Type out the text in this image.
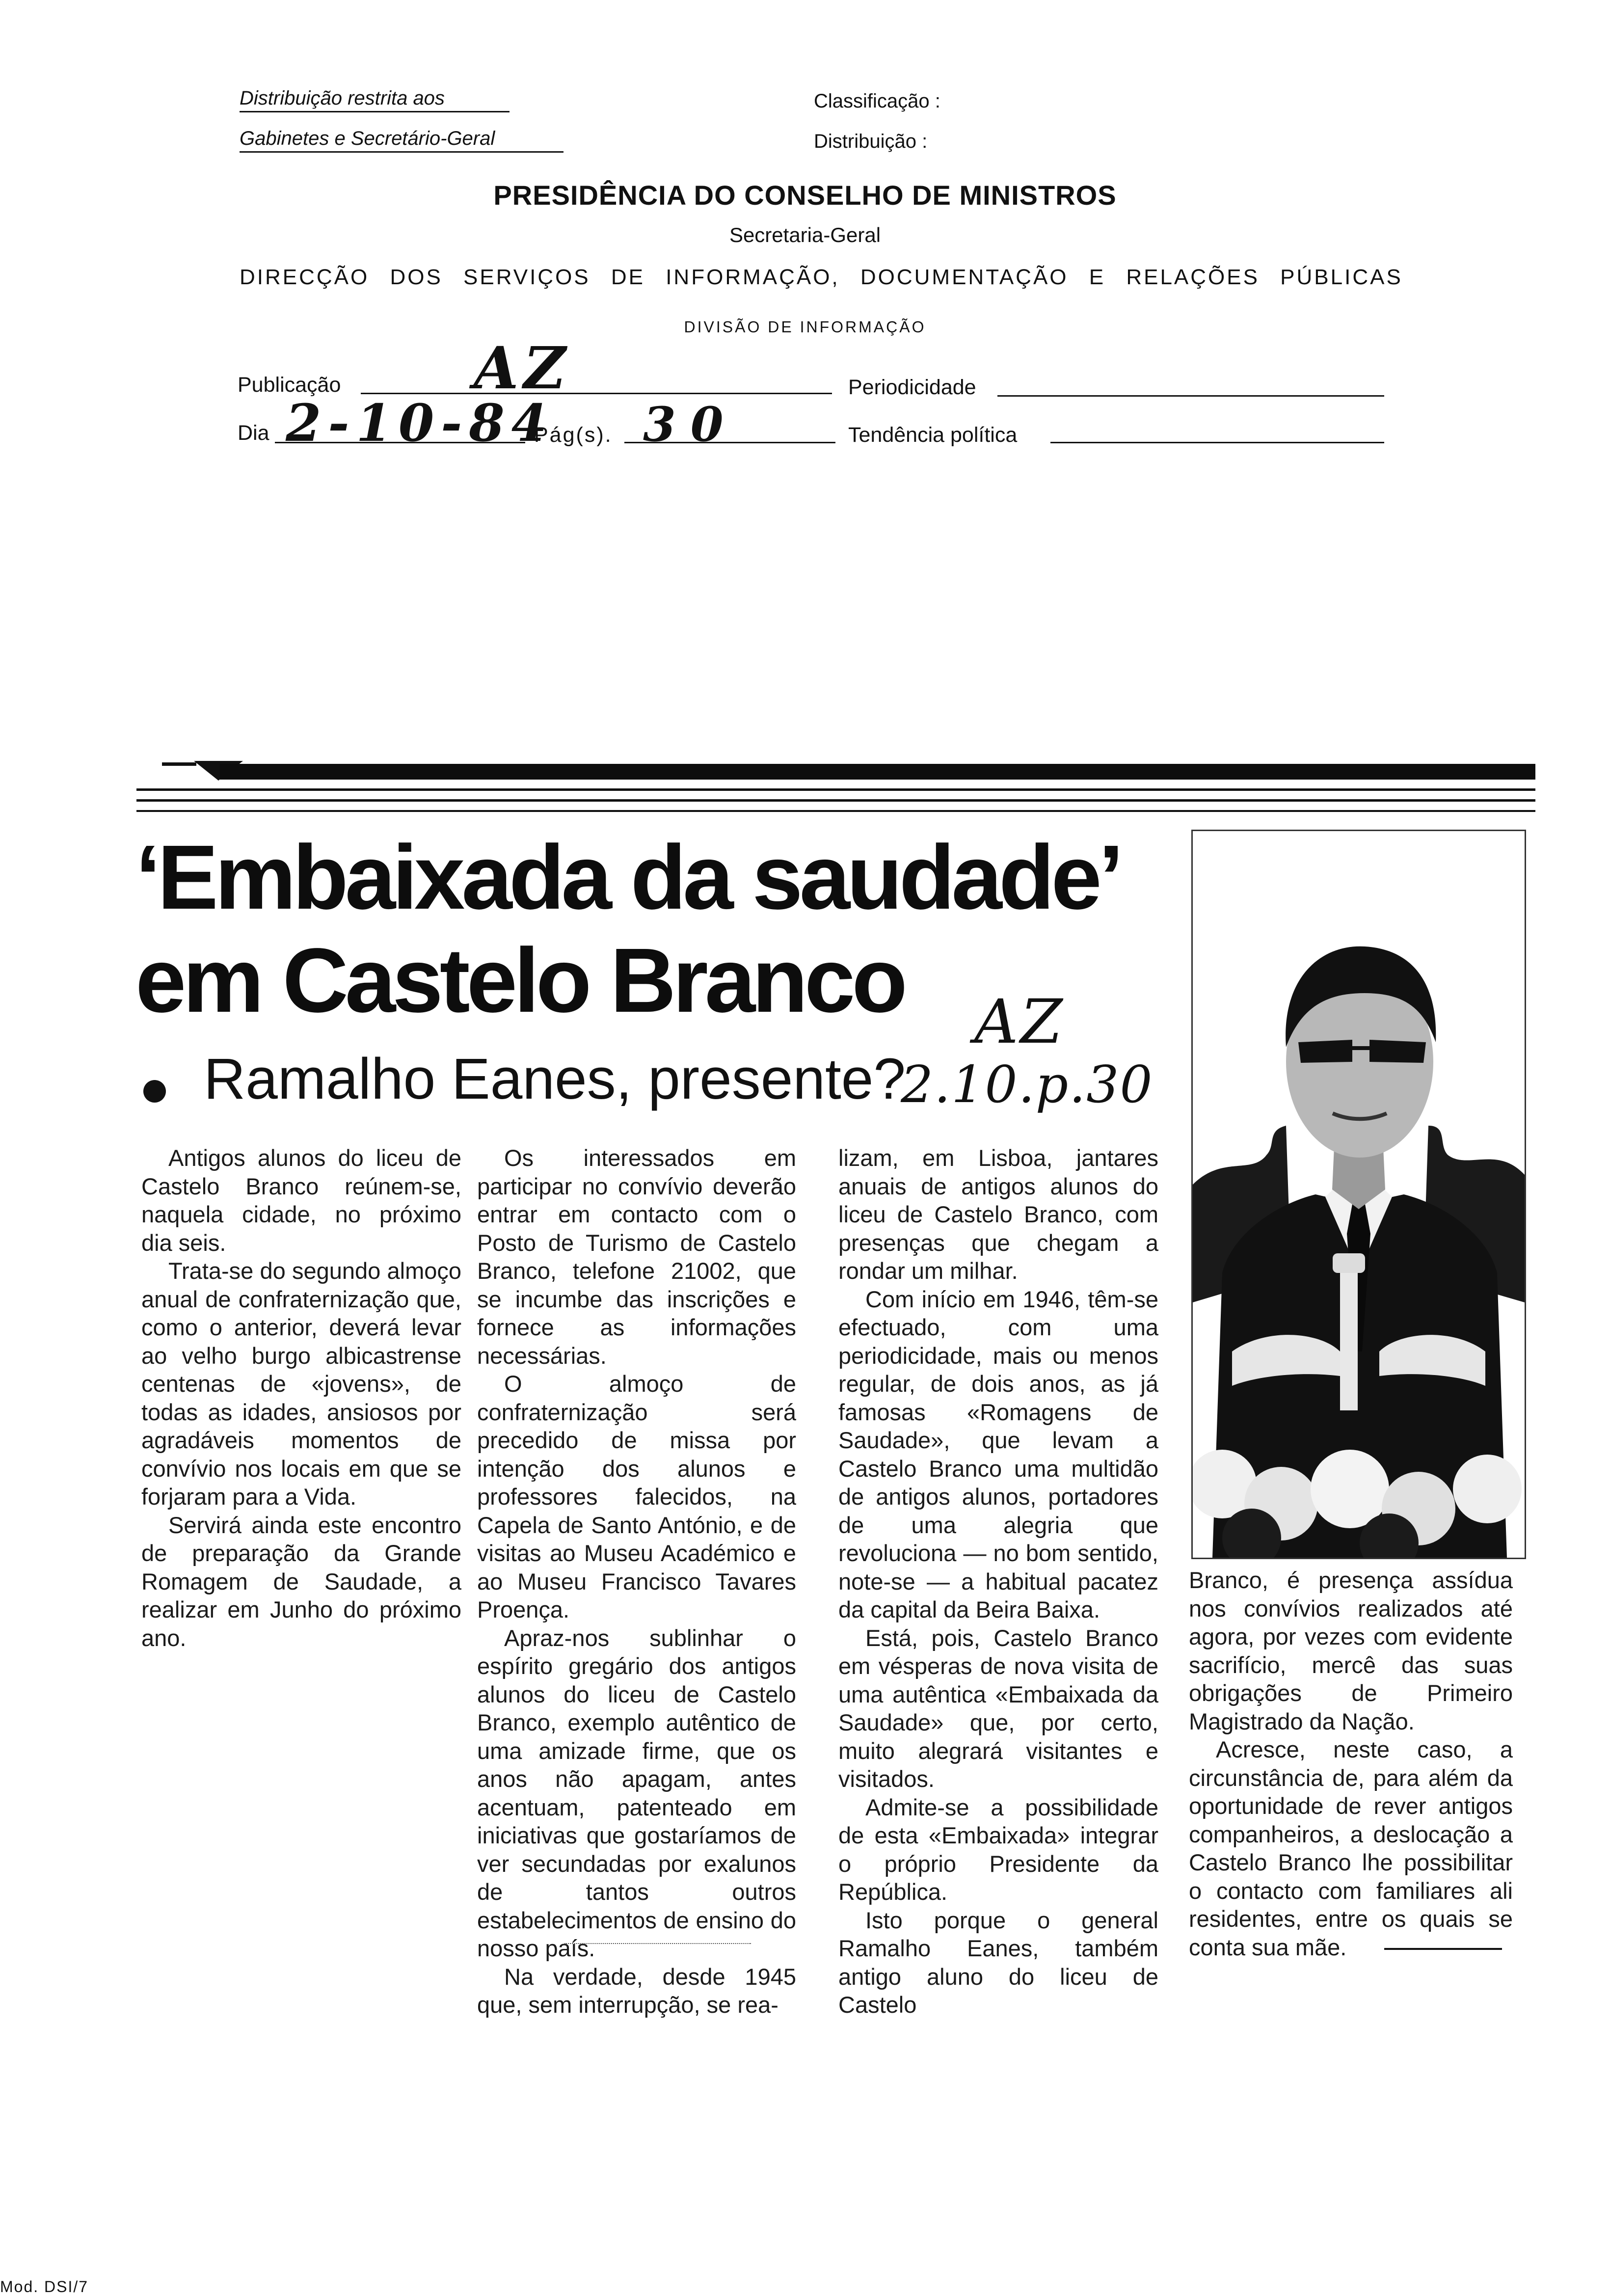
Distribuição restrita aos
Gabinetes e Secretário-Geral
Classificação :
Distribuição :
PRESIDÊNCIA DO CONSELHO DE MINISTROS
Secretaria-Geral
DIRECÇÃO DOS SERVIÇOS DE INFORMAÇÃO, DOCUMENTAÇÃO E RELAÇÕES PÚBLICAS
DIVISÃO DE INFORMAÇÃO
Publicação AZ	Periodicidade
Dia 2-10-84
Pág(s). 30	Tendência política
‘Embaixada da saudade’
em Castelo Branco AZ
Ramalho Eanes, presente?
2.10.p.30

Antigos alunos do liceu de Castelo Branco reúnem-se, naquela cidade, no próximo dia seis.

Trata-se do segundo almoço anual de confraternização que, como o anterior, deverá levar ao velho burgo albicastrense centenas de «jovens», de todas as idades, ansiosos por agradáveis momentos de convívio nos locais em que se forjaram para a Vida.

Servirá ainda este encontro de preparação da Grande Romagem de Saudade, a realizar em Junho do próximo ano.

Os interessados em participar no convívio deverão entrar em contacto com o Posto de Turismo de Castelo Branco, telefone 21002, que se incumbe das inscrições e fornece as informações necessárias.

O almoço de confraternização será precedido de missa por intenção dos alunos e professores falecidos, na Capela de Santo António, e de visitas ao Museu Académico e ao Museu Francisco Tavares Proença.

Apraz-nos sublinhar o espírito gregário dos antigos alunos do liceu de Castelo Branco, exemplo autêntico de uma amizade firme, que os anos não apagam, antes acentuam, patenteado em iniciativas que gostaríamos de ver secundadas por exalunos de tantos outros estabelecimentos de ensino do nosso país.

Na verdade, desde 1945 que, sem interrupção, se rea-

lizam, em Lisboa, jantares anuais de antigos alunos do liceu de Castelo Branco, com presenças que chegam a rondar um milhar.

Com início em 1946, têm-se efectuado, com uma periodicidade, mais ou menos regular, de dois anos, as já famosas «Romagens de Saudade», que levam a Castelo Branco uma multidão de antigos alunos, portadores de uma alegria que revoluciona — no bom sentido, note-se — a habitual pacatez da capital da Beira Baixa.

Está, pois, Castelo Branco em vésperas de nova visita de uma autêntica «Embaixada da Saudade» que, por certo, muito alegrará visitantes e visitados.

Admite-se a possibilidade de esta «Embaixada» integrar o próprio Presidente da República.

Isto porque o general Ramalho Eanes, também antigo aluno do liceu de Castelo

Branco, é presença assídua nos convívios realizados até agora, por vezes com evidente sacrifício, mercê das suas obrigações de Primeiro Magistrado da Nação.

Acresce, neste caso, a circunstância de, para além da oportunidade de rever antigos companheiros, a deslocação a Castelo Branco lhe possibilitar o contacto com familiares ali residentes, entre os quais se conta sua mãe.

Mod. DSI/7
